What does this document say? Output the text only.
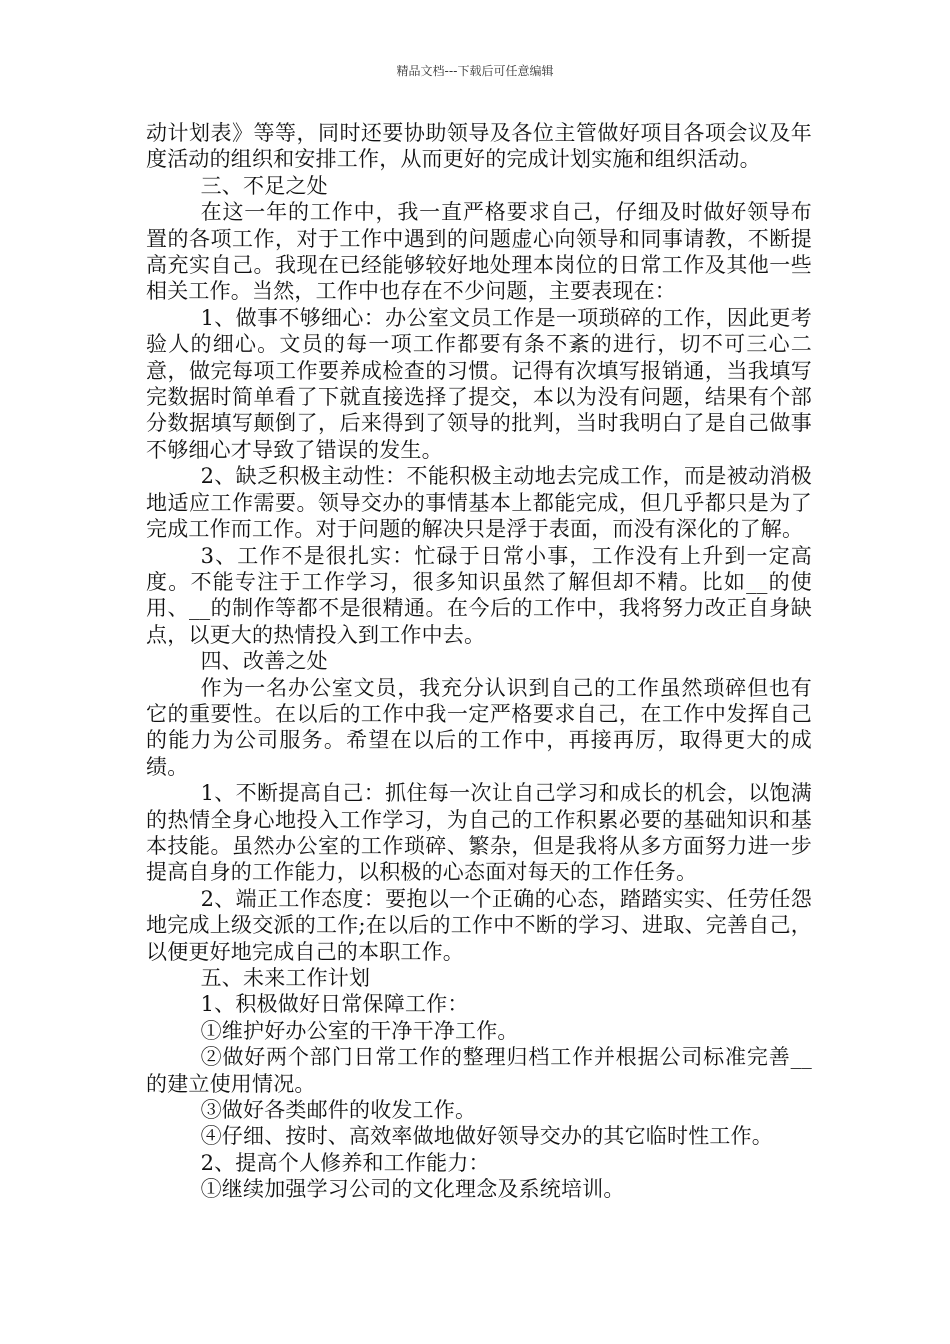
精品文档---下载后可任意编辑

动计划表》等等，同时还要协助领导及各位主管做好项目各项会议及年度活动的组织和安排工作，从而更好的完成计划实施和组织活动。

三、不足之处

在这一年的工作中，我一直严格要求自己，仔细及时做好领导布置的各项工作，对于工作中遇到的问题虚心向领导和同事请教，不断提高充实自己。我现在已经能够较好地处理本岗位的日常工作及其他一些相关工作。当然，工作中也存在不少问题，主要表现在：

1、做事不够细心：办公室文员工作是一项琐碎的工作，因此更考验人的细心。文员的每一项工作都要有条不紊的进行，切不可三心二意，做完每项工作要养成检查的习惯。记得有次填写报销通，当我填写完数据时简单看了下就直接选择了提交，本以为没有问题，结果有个部分数据填写颠倒了，后来得到了领导的批判，当时我明白了是自己做事不够细心才导致了错误的发生。

2、缺乏积极主动性：不能积极主动地去完成工作，而是被动消极地适应工作需要。领导交办的事情基本上都能完成，但几乎都只是为了完成工作而工作。对于问题的解决只是浮于表面，而没有深化的了解。

3、工作不是很扎实：忙碌于日常小事，工作没有上升到一定高度。不能专注于工作学习，很多知识虽然了解但却不精。比如__的使用、__的制作等都不是很精通。在今后的工作中，我将努力改正自身缺点，以更大的热情投入到工作中去。

四、改善之处

作为一名办公室文员，我充分认识到自己的工作虽然琐碎但也有它的重要性。在以后的工作中我一定严格要求自己，在工作中发挥自己的能力为公司服务。希望在以后的工作中，再接再厉，取得更大的成绩。

1、不断提高自己：抓住每一次让自己学习和成长的机会，以饱满的热情全身心地投入工作学习，为自己的工作积累必要的基础知识和基本技能。虽然办公室的工作琐碎、繁杂，但是我将从多方面努力进一步提高自身的工作能力，以积极的心态面对每天的工作任务。

2、端正工作态度：要抱以一个正确的心态，踏踏实实、任劳任怨地完成上级交派的工作;在以后的工作中不断的学习、进取、完善自己，以便更好地完成自己的本职工作。

五、未来工作计划

1、积极做好日常保障工作：

①维护好办公室的干净干净工作。

②做好两个部门日常工作的整理归档工作并根据公司标准完善__的建立使用情况。

③做好各类邮件的收发工作。

④仔细、按时、高效率做地做好领导交办的其它临时性工作。

2、提高个人修养和工作能力：

①继续加强学习公司的文化理念及系统培训。
